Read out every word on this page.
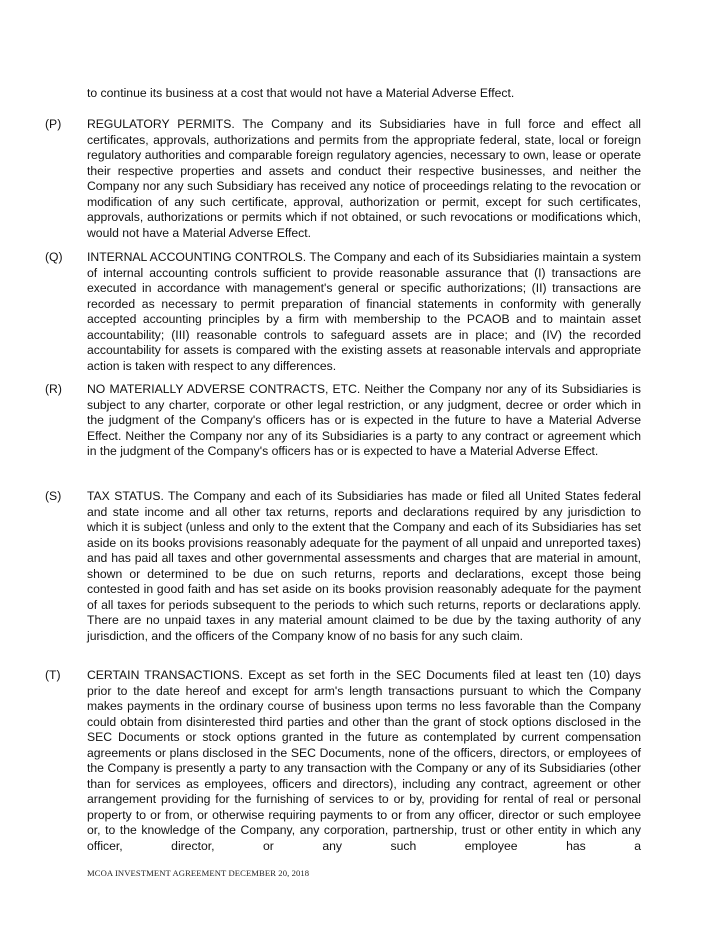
to continue its business at a cost that would not have a Material Adverse Effect.

(P)	REGULATORY PERMITS. The Company and its Subsidiaries have in full force and effect all certificates, approvals, authorizations and permits from the appropriate federal, state, local or foreign regulatory authorities and comparable foreign regulatory agencies, necessary to own, lease or operate their respective properties and assets and conduct their respective businesses, and neither the Company nor any such Subsidiary has received any notice of proceedings relating to the revocation or modification of any such certificate, approval, authorization or permit, except for such certificates, approvals, authorizations or permits which if not obtained, or such revocations or modifications which, would not have a Material Adverse Effect.

(Q)	INTERNAL ACCOUNTING CONTROLS. The Company and each of its Subsidiaries maintain a system of internal accounting controls sufficient to provide reasonable assurance that (I) transactions are executed in accordance with management's general or specific authorizations; (II) transactions are recorded as necessary to permit preparation of financial statements in conformity with generally accepted accounting principles by a firm with membership to the PCAOB and to maintain asset accountability; (III) reasonable controls to safeguard assets are in place; and (IV) the recorded accountability for assets is compared with the existing assets at reasonable intervals and appropriate action is taken with respect to any differences.

(R)	NO MATERIALLY ADVERSE CONTRACTS, ETC. Neither the Company nor any of its Subsidiaries is subject to any charter, corporate or other legal restriction, or any judgment, decree or order which in the judgment of the Company's officers has or is expected in the future to have a Material Adverse Effect. Neither the Company nor any of its Subsidiaries is a party to any contract or agreement which in the judgment of the Company's officers has or is expected to have a Material Adverse Effect.

(S)	TAX STATUS. The Company and each of its Subsidiaries has made or filed all United States federal and state income and all other tax returns, reports and declarations required by any jurisdiction to which it is subject (unless and only to the extent that the Company and each of its Subsidiaries has set aside on its books provisions reasonably adequate for the payment of all unpaid and unreported taxes) and has paid all taxes and other governmental assessments and charges that are material in amount, shown or determined to be due on such returns, reports and declarations, except those being contested in good faith and has set aside on its books provision reasonably adequate for the payment of all taxes for periods subsequent to the periods to which such returns, reports or declarations apply. There are no unpaid taxes in any material amount claimed to be due by the taxing authority of any jurisdiction, and the officers of the Company know of no basis for any such claim.

(T)	CERTAIN TRANSACTIONS. Except as set forth in the SEC Documents filed at least ten (10) days prior to the date hereof and except for arm's length transactions pursuant to which the Company makes payments in the ordinary course of business upon terms no less favorable than the Company could obtain from disinterested third parties and other than the grant of stock options disclosed in the SEC Documents or stock options granted in the future as contemplated by current compensation agreements or plans disclosed in the SEC Documents, none of the officers, directors, or employees of the Company is presently a party to any transaction with the Company or any of its Subsidiaries (other than for services as employees, officers and directors), including any contract, agreement or other arrangement providing for the furnishing of services to or by, providing for rental of real or personal property to or from, or otherwise requiring payments to or from any officer, director or such employee or, to the knowledge of the Company, any corporation, partnership, trust or other entity in which any officer, director, or any such employee has a

MCOA INVESTMENT AGREEMENT DECEMBER 20, 2018
